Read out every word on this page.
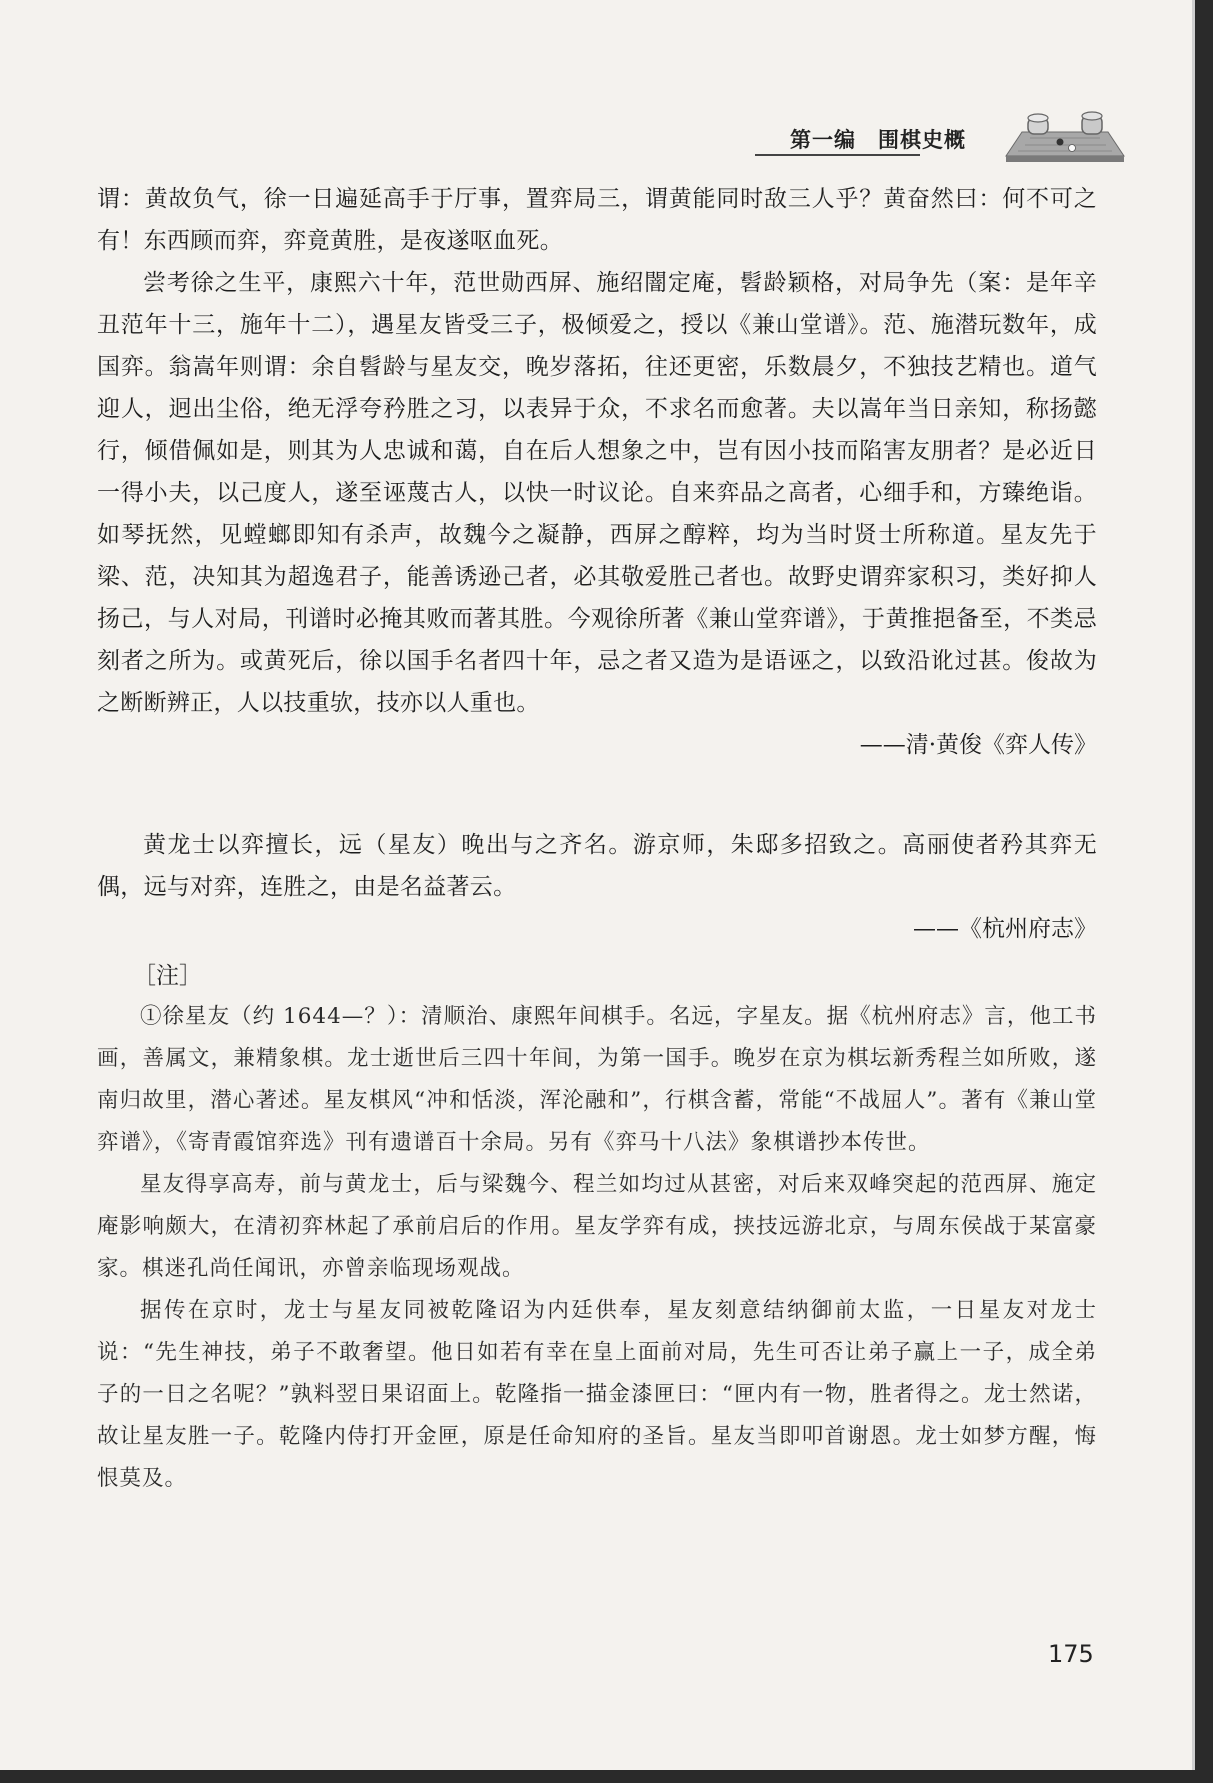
第一编　围棋史概

谓：黄故负气，徐一日遍延高手于厅事，置弈局三，谓黄能同时敌三人乎？黄奋然曰：何不可之有！东西顾而弈，弈竟黄胜，是夜遂呕血死。

尝考徐之生平，康熙六十年，范世勋西屏、施绍闇定庵，髫龄颖格，对局争先（案：是年辛丑范年十三，施年十二），遇星友皆受三子，极倾爱之，授以《兼山堂谱》。范、施潜玩数年，成国弈。翁嵩年则谓：余自髫龄与星友交，晚岁落拓，往还更密，乐数晨夕，不独技艺精也。道气迎人，迥出尘俗，绝无浮夸矜胜之习，以表异于众，不求名而愈著。夫以嵩年当日亲知，称扬懿行，倾借佩如是，则其为人忠诚和蔼，自在后人想象之中，岂有因小技而陷害友朋者？是必近日一得小夫，以己度人，遂至诬蔑古人，以快一时议论。自来弈品之高者，心细手和，方臻绝诣。如琴抚然，见螳螂即知有杀声，故魏今之凝静，西屏之醇粹，均为当时贤士所称道。星友先于梁、范，决知其为超逸君子，能善诱逊己者，必其敬爱胜己者也。故野史谓弈家积习，类好抑人扬己，与人对局，刊谱时必掩其败而著其胜。今观徐所著《兼山堂弈谱》，于黄推挹备至，不类忌刻者之所为。或黄死后，徐以国手名者四十年，忌之者又造为是语诬之，以致沿讹过甚。俊故为之断断辨正，人以技重欤，技亦以人重也。

——清·黄俊《弈人传》

黄龙士以弈擅长，远（星友）晚出与之齐名。游京师，朱邸多招致之。高丽使者矜其弈无偶，远与对弈，连胜之，由是名益著云。

——《杭州府志》

［注］

①徐星友（约 1644—？）：清顺治、康熙年间棋手。名远，字星友。据《杭州府志》言，他工书画，善属文，兼精象棋。龙士逝世后三四十年间，为第一国手。晚岁在京为棋坛新秀程兰如所败，遂南归故里，潜心著述。星友棋风“冲和恬淡，浑沦融和”，行棋含蓄，常能“不战屈人”。著有《兼山堂弈谱》，《寄青霞馆弈选》刊有遗谱百十余局。另有《弈马十八法》象棋谱抄本传世。

星友得享高寿，前与黄龙士，后与梁魏今、程兰如均过从甚密，对后来双峰突起的范西屏、施定庵影响颇大，在清初弈林起了承前启后的作用。星友学弈有成，挟技远游北京，与周东侯战于某富豪家。棋迷孔尚任闻讯，亦曾亲临现场观战。

据传在京时，龙士与星友同被乾隆诏为内廷供奉，星友刻意结纳御前太监，一日星友对龙士说：“先生神技，弟子不敢奢望。他日如若有幸在皇上面前对局，先生可否让弟子赢上一子，成全弟子的一日之名呢？”孰料翌日果诏面上。乾隆指一描金漆匣曰：“匣内有一物，胜者得之。龙士然诺，故让星友胜一子。乾隆内侍打开金匣，原是任命知府的圣旨。星友当即叩首谢恩。龙士如梦方醒，悔恨莫及。

175
